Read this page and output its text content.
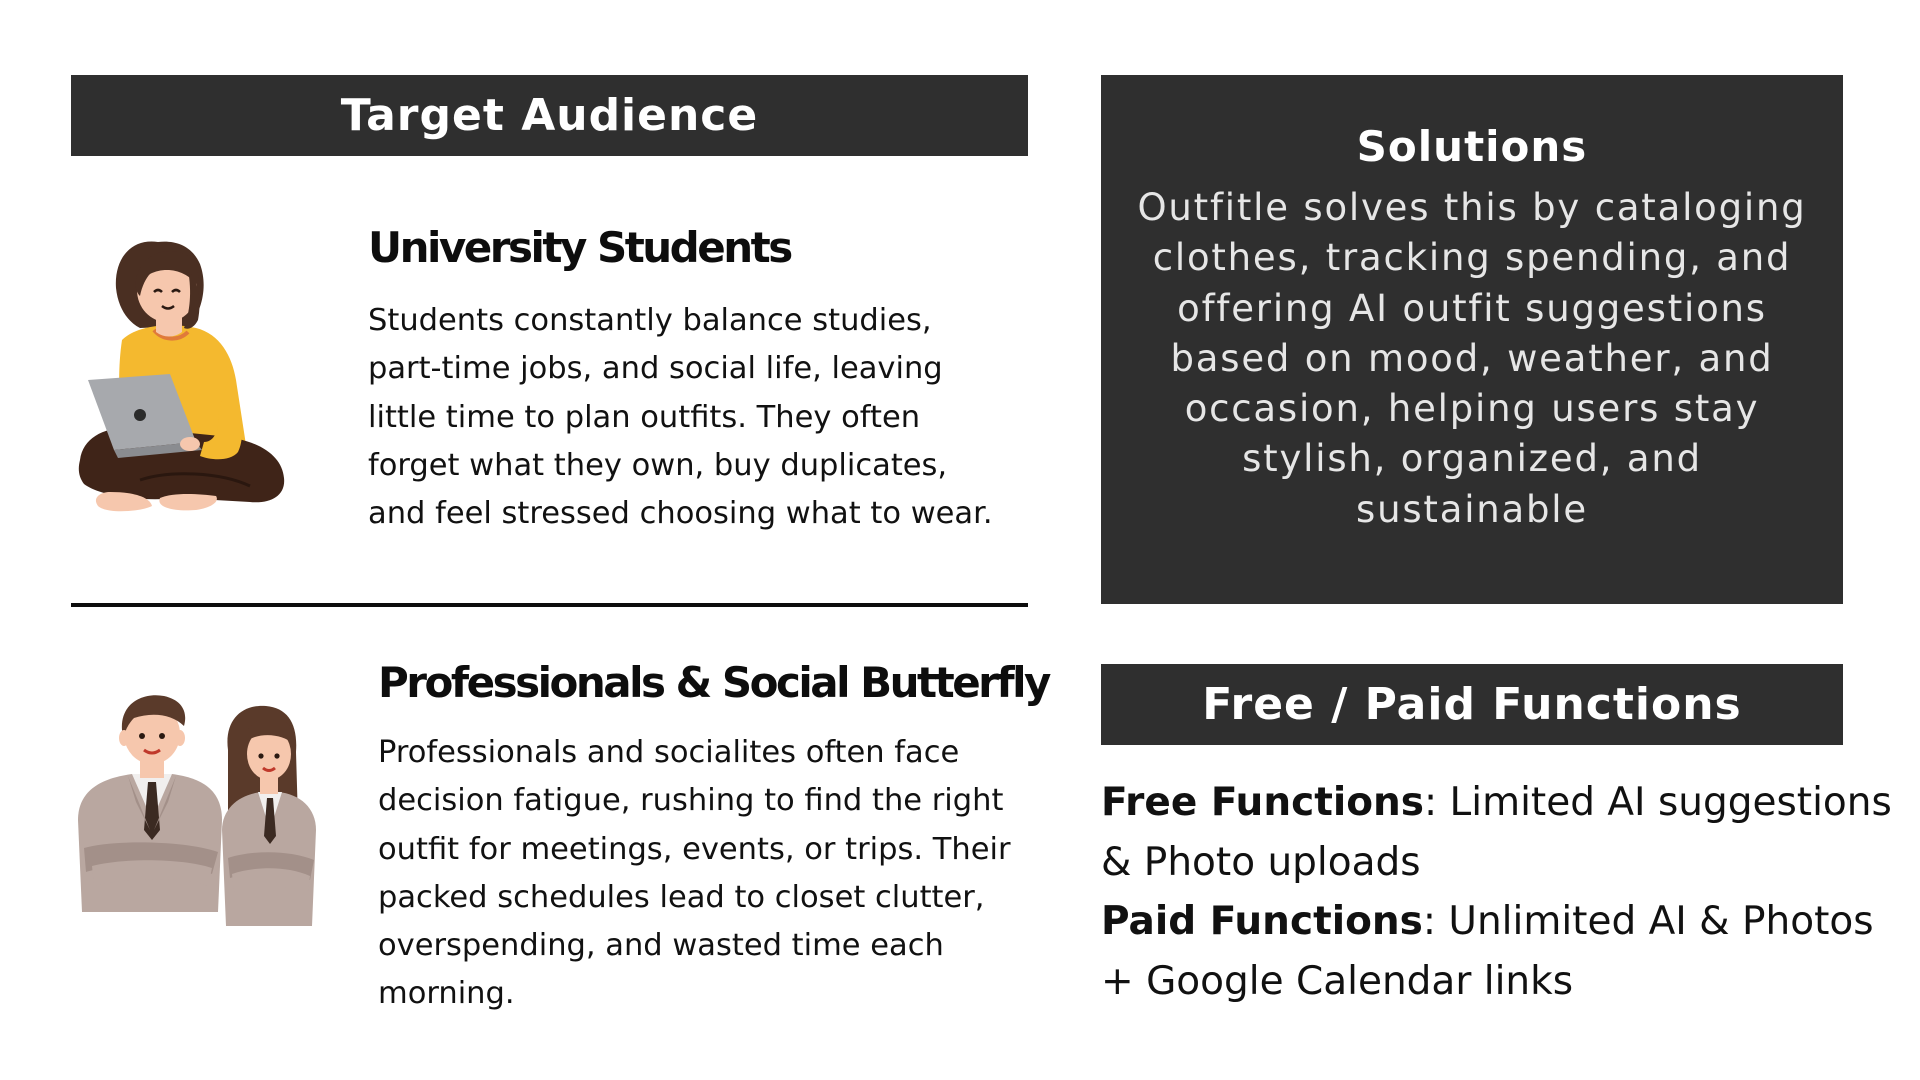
Target Audience
University Students
Students constantly balance studies, part-time jobs, and social life, leaving little time to plan outfits. They often forget what they own, buy duplicates, and feel stressed choosing what to wear.
Professionals & Social Butterfly
Professionals and socialites often face decision fatigue, rushing to find the right outfit for meetings, events, or trips. Their packed schedules lead to closet clutter, overspending, and wasted time each morning.
Solutions
Outfitle solves this by cataloging clothes, tracking spending, and offering AI outfit suggestions based on mood, weather, and occasion, helping users stay stylish, organized, and sustainable
Free / Paid Functions
Free Functions: Limited AI suggestions & Photo uploads
Paid Functions: Unlimited AI & Photos + Google Calendar links
